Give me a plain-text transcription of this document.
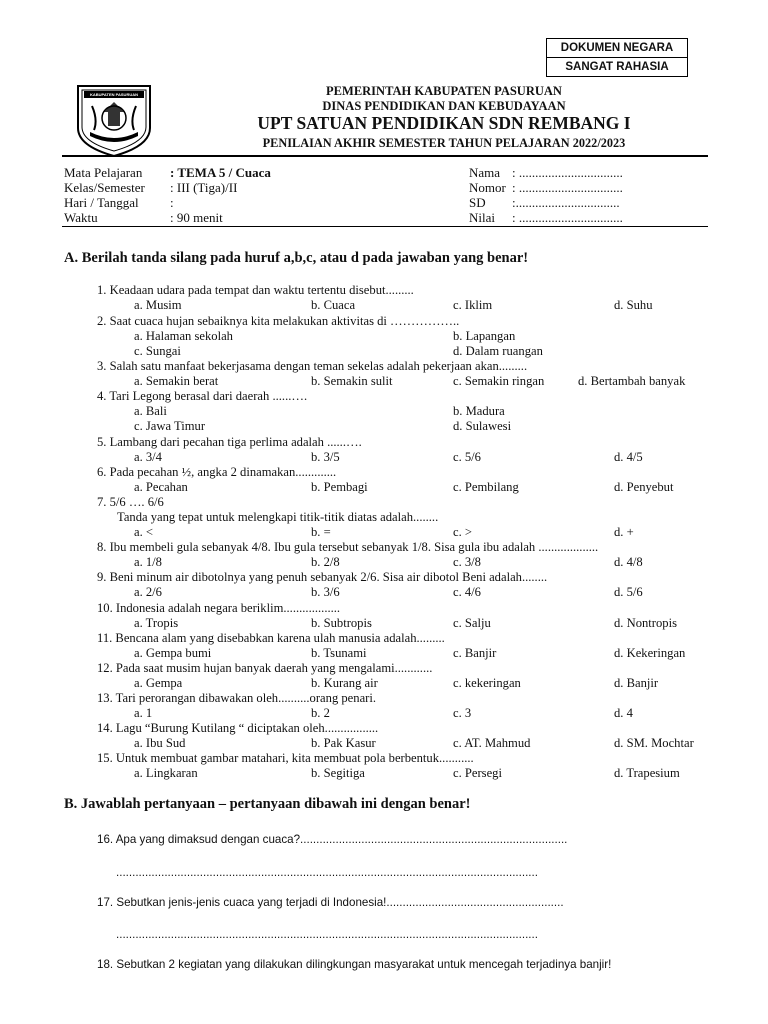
DOKUMEN NEGARA
SANGAT RAHASIA
KABUPATEN PASURUAN	PEMERINTAH KABUPATEN PASURUAN
DINAS PENDIDIKAN DAN KEBUDAYAAN
UPT SATUAN PENDIDIKAN SDN REMBANG I
PENILAIAN AKHIR SEMESTER TAHUN PELAJARAN 2022/2023
Mata Pelajaran : TEMA 5 / Cuaca
Kelas/Semester : III (Tiga)/II
Hari / Tanggal :
Waktu	: 90 menit
Nama : ................................
Nomor : ................................
SD :................................
Nilai : ................................
A. Berilah tanda silang pada huruf a,b,c, atau d pada jawaban yang benar!
1. Keadaan udara pada tempat dan waktu tertentu disebut.........
a. Musim	b. Cuaca	c. Iklim	d. Suhu
2. Saat cuaca hujan sebaiknya kita melakukan aktivitas di ……………..
a. Halaman sekolah	b. Lapangan
c. Sungai	d. Dalam ruangan
3. Salah satu manfaat bekerjasama dengan teman sekelas adalah pekerjaan akan.........
a. Semakin berat	b. Semakin sulit	c. Semakin ringan	d. Bertambah banyak
4. Tari Legong berasal dari daerah ......….
a. Bali	b. Madura
c. Jawa Timur	d. Sulawesi
5. Lambang dari pecahan tiga perlima adalah ......….
a. 3/4	b. 3/5	c. 5/6	d. 4/5
6. Pada pecahan ½, angka 2 dinamakan.............
a. Pecahan	b. Pembagi	c. Pembilang	d. Penyebut
7. 5/6 …. 6/6
Tanda yang tepat untuk melengkapi titik-titik diatas adalah........
a. <	b. =	c. >	d. +
8. Ibu membeli gula sebanyak 4/8. Ibu gula tersebut sebanyak 1/8. Sisa gula ibu adalah ...................
a. 1/8	b. 2/8	c. 3/8	d. 4/8
9. Beni minum air dibotolnya yang penuh sebanyak 2/6. Sisa air dibotol Beni adalah........
a. 2/6	b. 3/6	c. 4/6	d. 5/6
10. Indonesia adalah negara beriklim..................
a. Tropis	b. Subtropis	c. Salju	d. Nontropis
11. Bencana alam yang disebabkan karena ulah manusia adalah.........
a. Gempa bumi	b. Tsunami	c. Banjir	d. Kekeringan
12. Pada saat musim hujan banyak daerah yang mengalami............
a. Gempa	b. Kurang air	c. kekeringan	d. Banjir
13. Tari perorangan dibawakan oleh..........orang penari.
a. 1	b. 2	c. 3	d. 4
14. Lagu “Burung Kutilang “ diciptakan oleh.................
a. Ibu Sud	b. Pak Kasur	c. AT. Mahmud	d. SM. Mochtar
15. Untuk membuat gambar matahari, kita membuat pola berbentuk...........
a. Lingkaran	b. Segitiga	c. Persegi	d. Trapesium
B. Jawablah pertanyaan – pertanyaan dibawah ini dengan benar!
16. Apa yang dimaksud dengan cuaca?...................................................................................
...................................................................................................................................
17. Sebutkan jenis-jenis cuaca yang terjadi di Indonesia!.......................................................
...................................................................................................................................
18. Sebutkan 2 kegiatan yang dilakukan dilingkungan masyarakat untuk mencegah terjadinya banjir!
